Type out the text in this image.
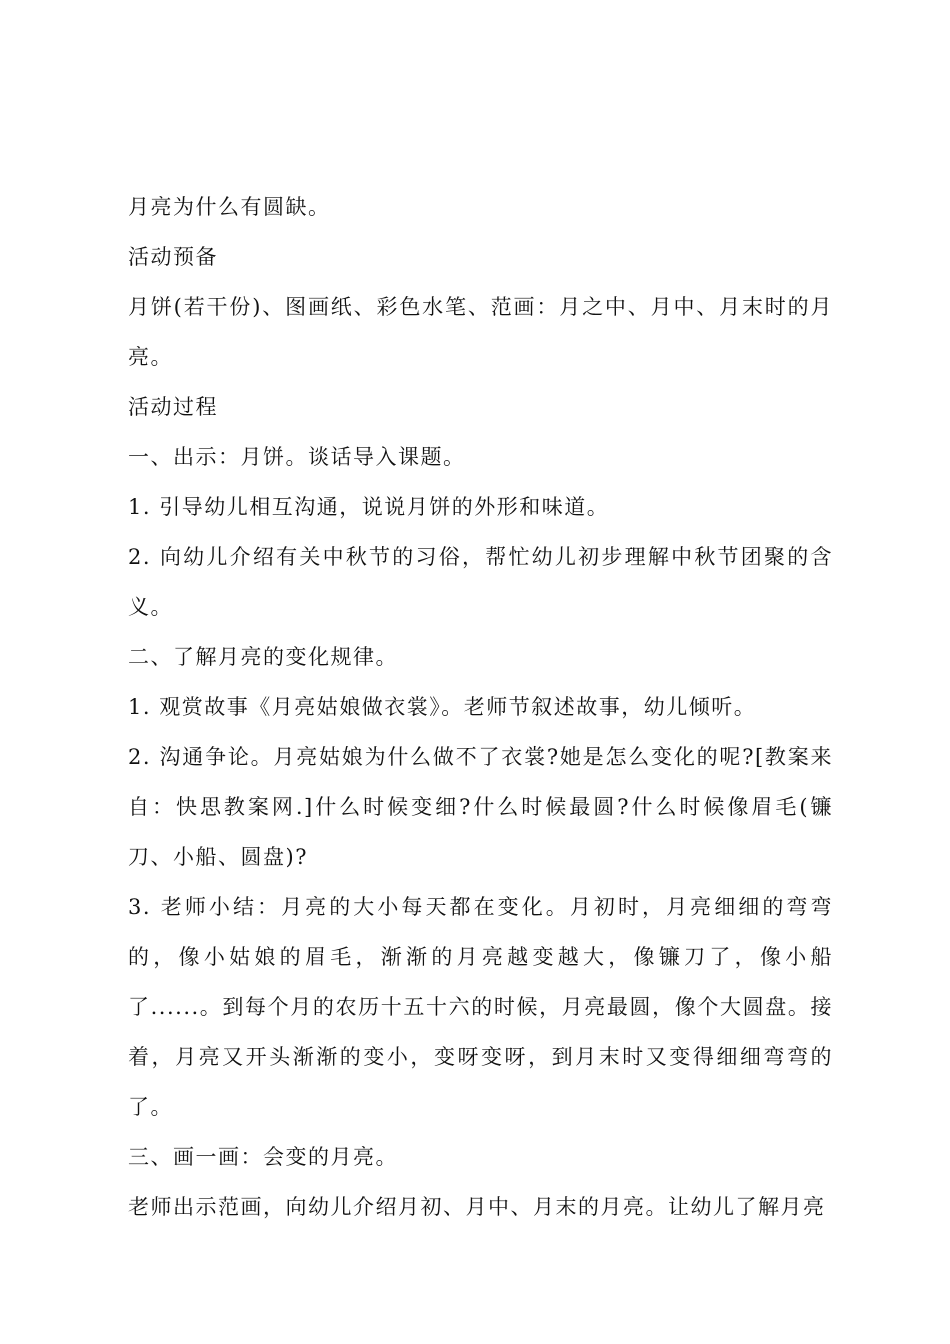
月亮为什么有圆缺。

活动预备

月饼(若干份)、图画纸、彩色水笔、范画：月之中、月中、月末时的月亮。

活动过程

一、出示：月饼。谈话导入课题。

1. 引导幼儿相互沟通，说说月饼的外形和味道。

2. 向幼儿介绍有关中秋节的习俗，帮忙幼儿初步理解中秋节团聚的含义。

二、了解月亮的变化规律。

1. 观赏故事《月亮姑娘做衣裳》。老师节叙述故事，幼儿倾听。

2. 沟通争论。月亮姑娘为什么做不了衣裳?她是怎么变化的呢?[教案来自：快思教案网.]什么时候变细?什么时候最圆?什么时候像眉毛(镰刀、小船、圆盘)?

3. 老师小结：月亮的大小每天都在变化。月初时，月亮细细的弯弯的，像小姑娘的眉毛，渐渐的月亮越变越大，像镰刀了，像小船了......。到每个月的农历十五十六的时候，月亮最圆，像个大圆盘。接着，月亮又开头渐渐的变小，变呀变呀，到月末时又变得细细弯弯的了。

三、画一画：会变的月亮。

老师出示范画，向幼儿介绍月初、月中、月末的月亮。让幼儿了解月亮
